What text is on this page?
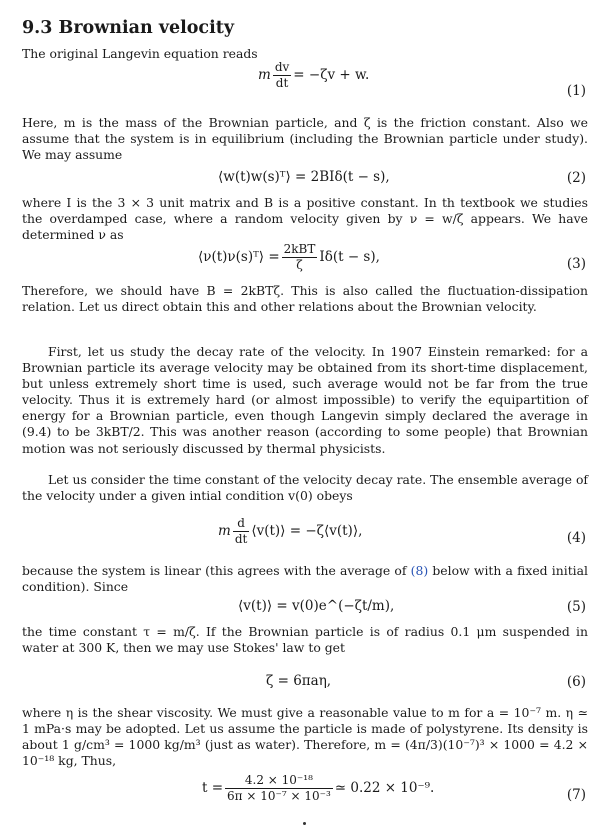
9.3 Brownian velocity
The original Langevin equation reads
m $\frac{dv}{dt} = -\zeta v + w$.
(1)
Here, m is the mass of the Brownian particle, and ζ is the friction constant. Also we assume that the system is in equilibrium (including the Brownian particle under study). We may assume
⟨w(t)w(s)ᵀ⟩ = 2BIδ(t − s),	(2)
where I is the 3 × 3 unit matrix and B is a positive constant. In th textbook we studies the overdamped case, where a random velocity given by ν = w/ζ appears. We have determined ν as
⟨ν(t)ν(s)ᵀ⟩ = $\frac{\text{2kBT}}{\zeta} I\delta(t - s)$,	(3)
Therefore, we should have B = 2kBTζ. This is also called the fluctuation-dissipation relation. Let us direct obtain this and other relations about the Brownian velocity.
First, let us study the decay rate of the velocity. In 1907 Einstein remarked: for a Brownian particle its average velocity may be obtained from its short-time displacement, but unless extremely short time is used, such average would not be far from the true velocity. Thus it is extremely hard (or almost impossible) to verify the equipartition of energy for a Brownian particle, even though Langevin simply declared the average in (9.4) to be 3kBT/2. This was another reason (according to some people) that Brownian motion was not seriously discussed by thermal physicists.
Let us consider the time constant of the velocity decay rate. The ensemble average of the velocity under a given intial condition v(0) obeys
m $\frac{d}{dt}$ ⟨v(t)⟩ = −ζ⟨v(t)⟩,	(4)
because the system is linear (this agrees with the average of (8) below with a fixed initial condition). Since
⟨v(t)⟩ = v(0)e^(−ζt/m),	(5)
the time constant τ = m/ζ. If the Brownian particle is of radius 0.1 μm suspended in water at 300 K, then we may use Stokes' law to get
ζ = 6πaη,	(6)
where η is the shear viscosity. We must give a reasonable value to m for a = 10⁻⁷ m. η ≃ 1 mPa·s may be adopted. Let us assume the particle is made of polystyrene. Its density is about 1 g/cm³ = 1000 kg/m³ (just as water). Therefore, m = (4π/3)(10⁻⁷)³ × 1000 = 4.2 × 10⁻¹⁸ kg, Thus,
$t = \frac{\text{4.2 × 10⁻¹⁸}}{\text{6π × 10⁻⁷ × 10⁻³}}$ ≃ 0.22 × 10⁻⁹.	(7)
